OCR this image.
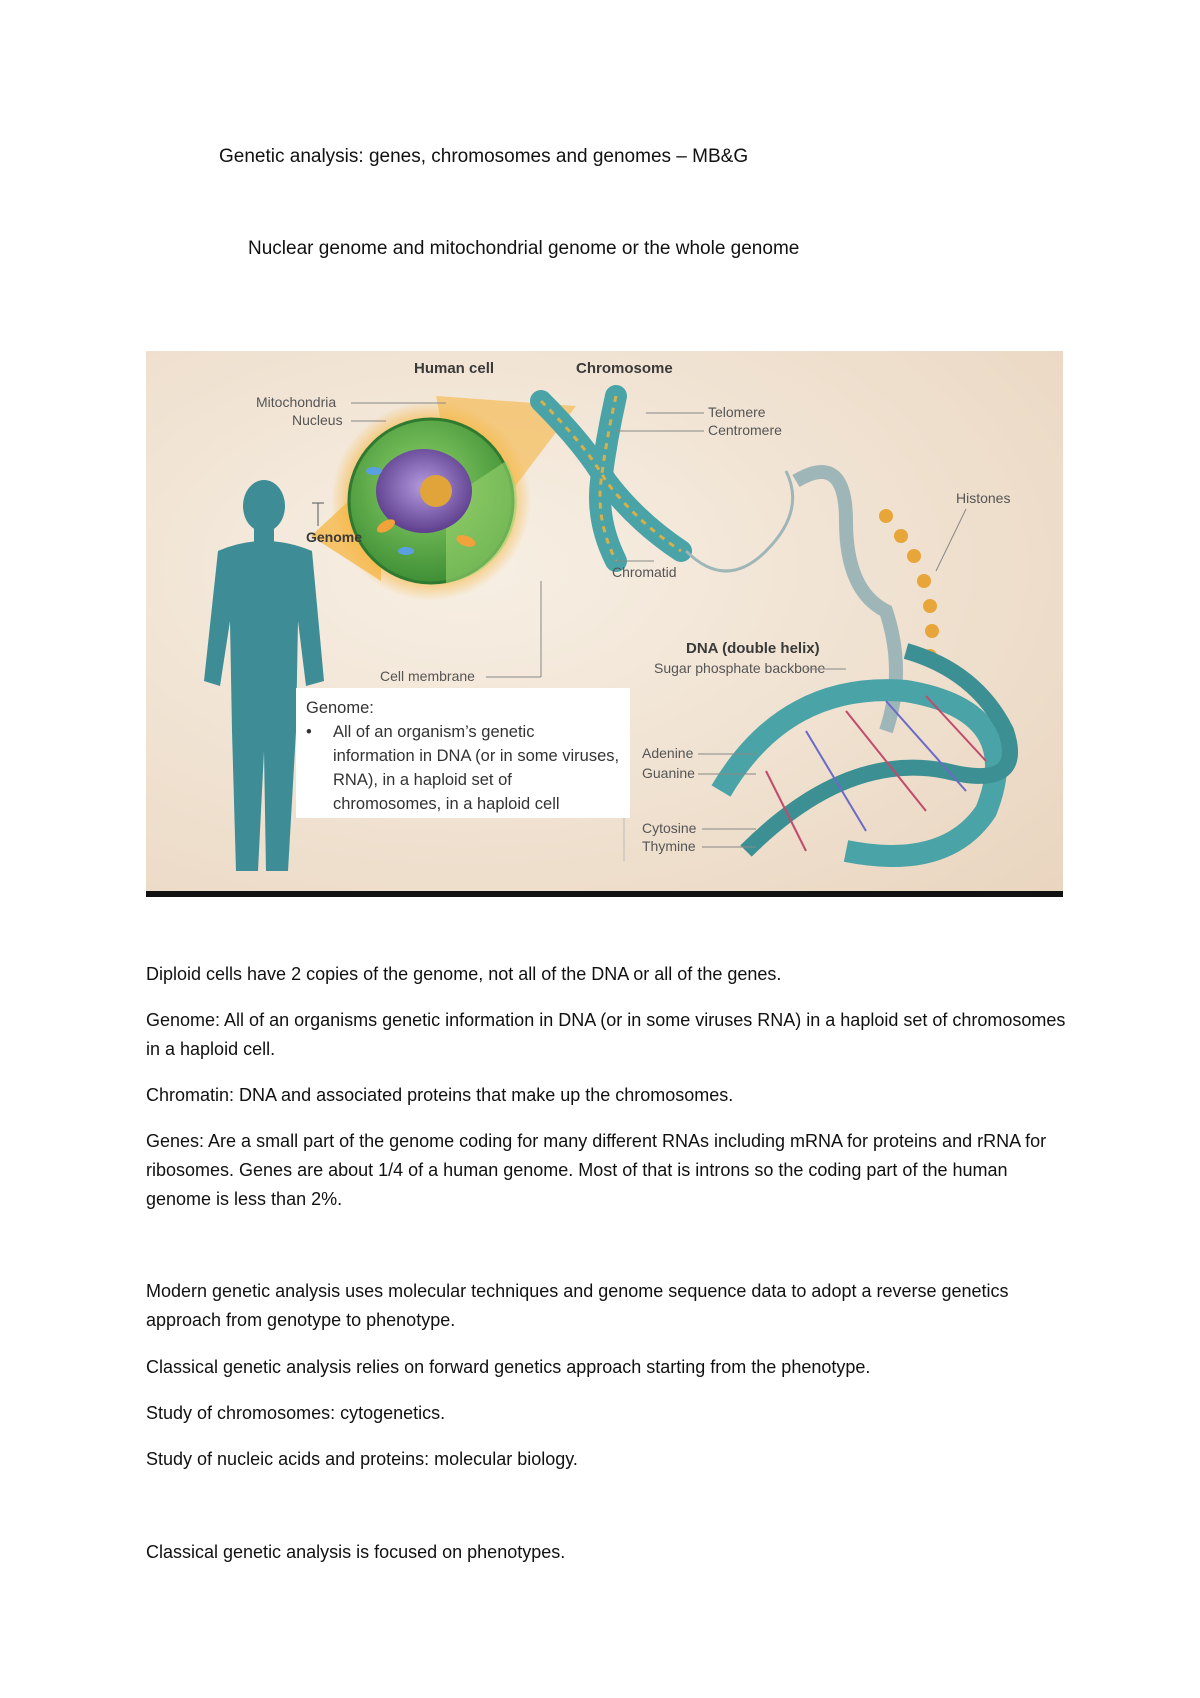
Genetic analysis: genes, chromosomes and genomes – MB&G
Nuclear genome and mitochondrial genome or the whole genome
Human cell	Chromosome
DNA (double helix)
Mitochondria
Nucleus
Genome
Telomere
Centromere
Histones
Chromatid
Cell membrane	Sugar phosphate backbone
Adenine
Guanine
Cytosine
Thymine
Genome:
•	All of an organism’s genetic information in DNA (or in some viruses, RNA), in a haploid set of chromosomes, in a haploid cell

Diploid cells have 2 copies of the genome, not all of the DNA or all of the genes.

Genome: All of an organisms genetic information in DNA (or in some viruses RNA) in a haploid set of chromosomes in a haploid cell.

Chromatin: DNA and associated proteins that make up the chromosomes.

Genes: Are a small part of the genome coding for many different RNAs including mRNA for proteins and rRNA for ribosomes. Genes are about 1/4 of a human genome. Most of that is introns so the coding part of the human genome is less than 2%.

Modern genetic analysis uses molecular techniques and genome sequence data to adopt a reverse genetics approach from genotype to phenotype.

Classical genetic analysis relies on forward genetics approach starting from the phenotype.

Study of chromosomes: cytogenetics.

Study of nucleic acids and proteins: molecular biology.

Classical genetic analysis is focused on phenotypes.
